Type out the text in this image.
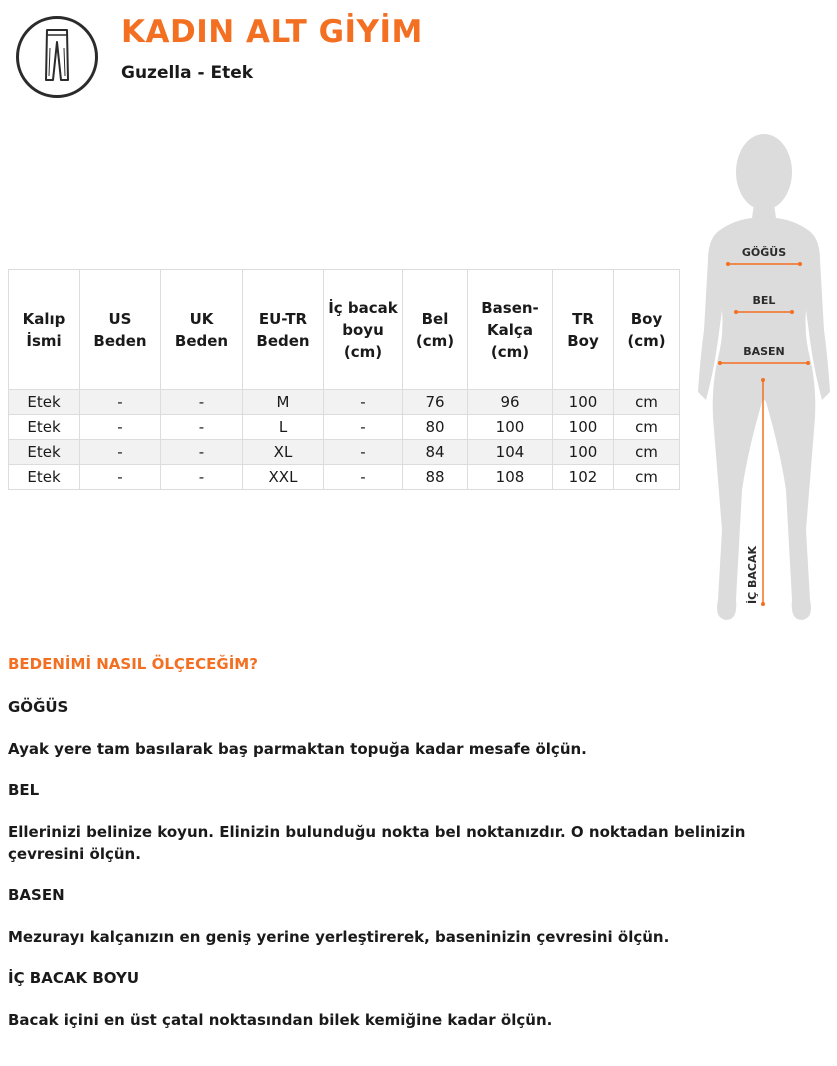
KADIN ALT GİYİM
Guzella - Etek
Kalıp İsmi	US Beden	UK Beden	EU-TR Beden	İç bacak boyu (cm)	Bel (cm)	Basen-Kalça (cm)	TR Boy	Boy (cm)
Etek	-	-	M	-	76	96	100	cm
Etek	-	-	L	-	80	100	100	cm
Etek	-	-	XL	-	84	104	100	cm
Etek	-	-	XXL	-	88	108	102	cm
GÖĞÜS
BEL
BASEN
İÇ BACAK

BEDENİMİ NASIL ÖLÇECEĞİM?

GÖĞÜS

Ayak yere tam basılarak baş parmaktan topuğa kadar mesafe ölçün.

BEL

Ellerinizi belinize koyun. Elinizin bulunduğu nokta bel noktanızdır. O noktadan belinizin çevresini ölçün.

BASEN

Mezurayı kalçanızın en geniş yerine yerleştirerek, baseninizin çevresini ölçün.

İÇ BACAK BOYU

Bacak içini en üst çatal noktasından bilek kemiğine kadar ölçün.
